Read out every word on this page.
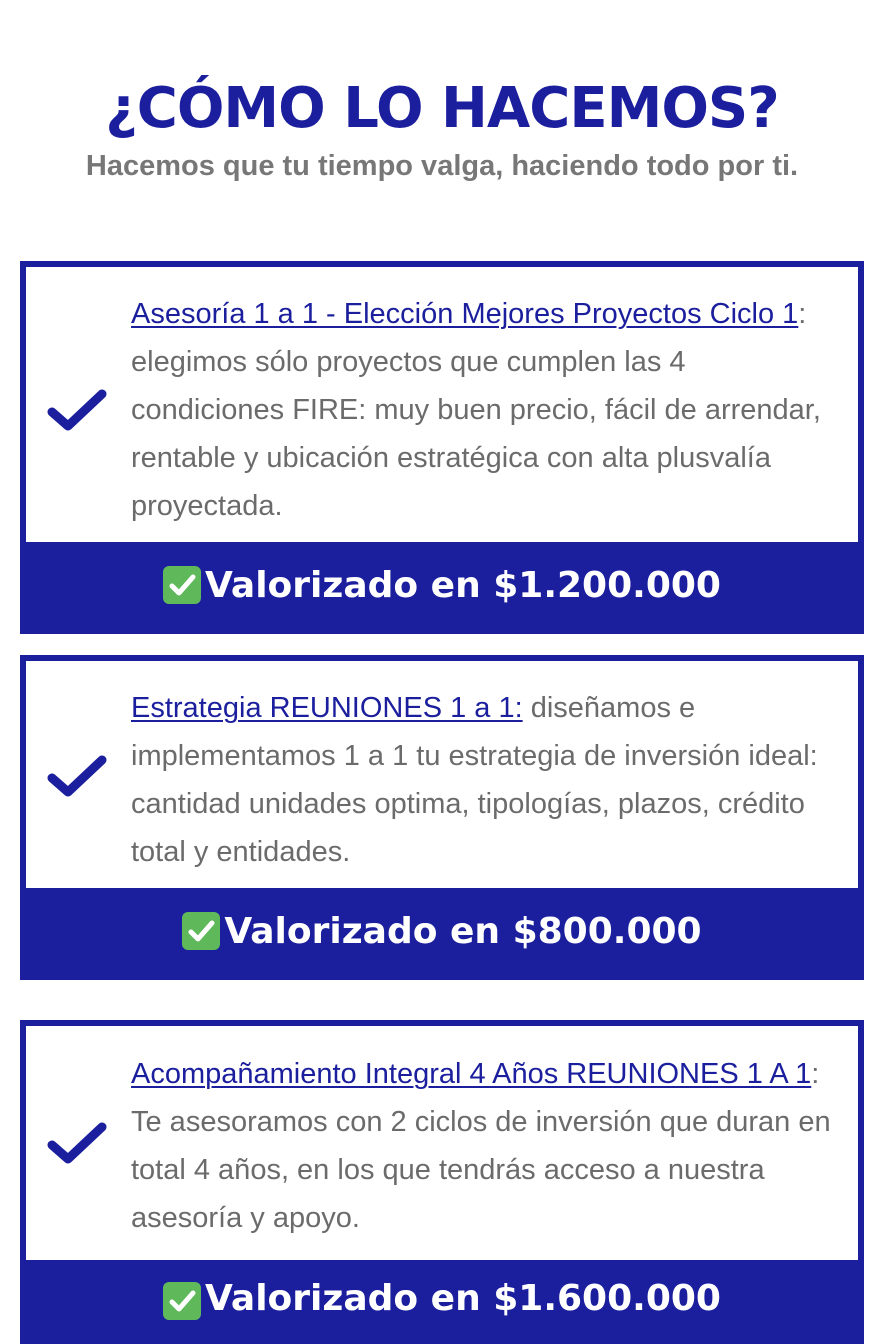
¿CÓMO LO HACEMOS?
Hacemos que tu tiempo valga, haciendo todo por ti.
Asesoría 1 a 1 - Elección Mejores Proyectos Ciclo 1: elegimos sólo proyectos que cumplen las 4 condiciones FIRE: muy buen precio, fácil de arrendar, rentable y ubicación estratégica con alta plusvalía proyectada.
Valorizado en $1.200.000
Estrategia REUNIONES 1 a 1: diseñamos e implementamos 1 a 1 tu estrategia de inversión ideal: cantidad unidades optima, tipologías, plazos, crédito total y entidades.
Valorizado en $800.000
Acompañamiento Integral 4 Años REUNIONES 1 A 1: Te asesoramos con 2 ciclos de inversión que duran en total 4 años, en los que tendrás acceso a nuestra asesoría y apoyo.
Valorizado en $1.600.000
